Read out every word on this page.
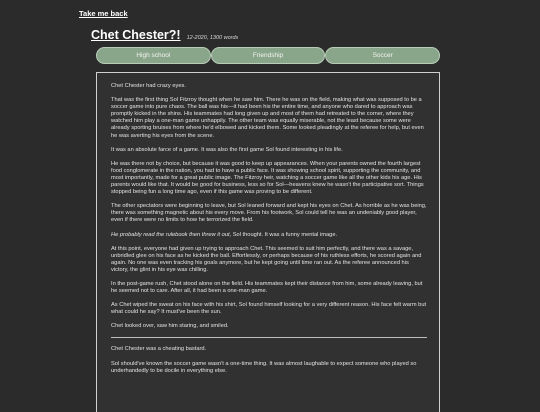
Take me back
Chet Chester?! 12-2020, 1300 words
High school	Friendship	Soccer

Chet Chester had crazy eyes.

That was the first thing Sol Fitzroy thought when he saw him. There he was on the field, making what was supposed to be a soccer game into pure chaos. The ball was his—it had been his the entire time, and anyone who dared to approach was promptly kicked in the shins. His teammates had long given up and most of them had retreated to the corner, where they watched him play a one-man game unhappily. The other team was equally miserable, not the least because some were already sporting bruises from where he'd elbowed and kicked them. Some looked pleadingly at the referee for help, but even he was averting his eyes from the scene.

It was an absolute farce of a game. It was also the first game Sol found interesting in his life.

He was there not by choice, but because it was good to keep up appearances. When your parents owned the fourth largest food conglomerate in the nation, you had to have a public face. It was showing school spirit, supporting the community, and most importantly, made for a great public image. The Fitzroy heir, watching a soccer game like all the other kids his age. His parents would like that. It would be good for business, less so for Sol—heavens knew he wasn't the participative sort. Things stopped being fun a long time ago, even if this game was proving to be different.

The other spectators were beginning to leave, but Sol leaned forward and kept his eyes on Chet. As horrible as he was being, there was something magnetic about his every move. From his footwork, Sol could tell he was an undeniably good player, even if there were no limits to how he terrorized the field.

He probably read the rulebook then threw it out, Sol thought. It was a funny mental image.

At this point, everyone had given up trying to approach Chet. This seemed to suit him perfectly, and there was a savage, unbridled glee on his face as he kicked the ball. Effortlessly, or perhaps because of his ruthless efforts, he scored again and again. No one was even tracking his goals anymore, but he kept going until time ran out. As the referee announced his victory, the glint in his eye was chilling.

In the post-game rush, Chet stood alone on the field. His teammates kept their distance from him, some already leaving, but he seemed not to care. After all, it had been a one-man game.

As Chet wiped the sweat on his face with his shirt, Sol found himself looking for a very different reason. His face felt warm but what could he say? It must've been the sun.

Chet looked over, saw him staring, and smiled.

Chet Chester was a cheating bastard.

Sol should've known the soccer game wasn't a one-time thing. It was almost laughable to expect someone who played so underhandedly to be docile in everything else.
